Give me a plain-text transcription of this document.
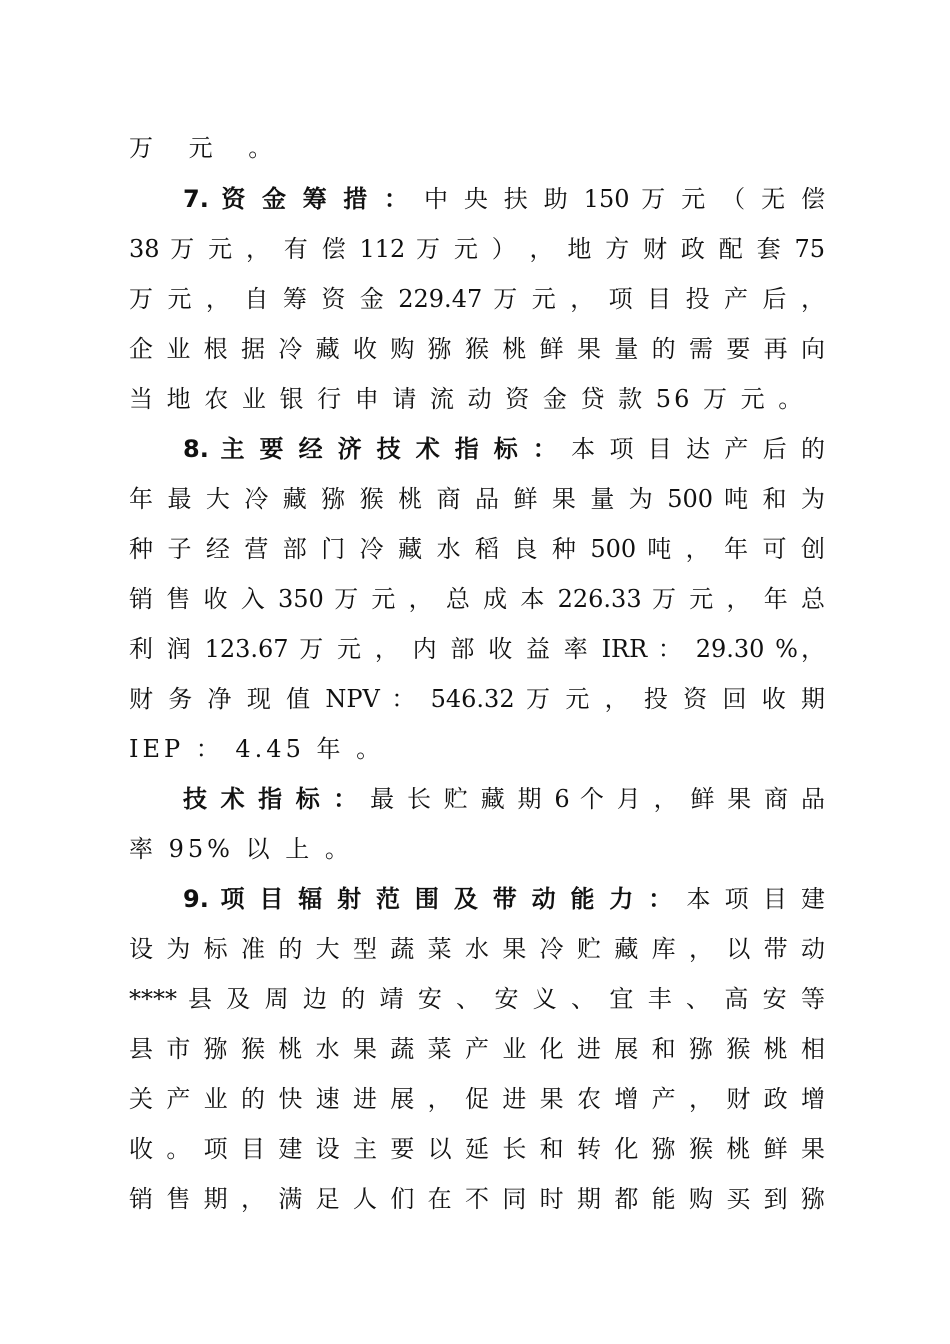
万 元 。
7. 资 金 筹 措 ： 中 央 扶 助 150 万 元 （ 无 偿
38 万 元 ， 有 偿 112 万 元 ） ， 地 方 财 政 配 套 75
万 元 ， 自 筹 资 金 229.47 万 元 ， 项 目 投 产 后 ，
企 业 根 据 冷 藏 收 购 猕 猴 桃 鲜 果 量 的 需 要 再 向
当 地 农 业 银 行 申 请 流 动 资 金 贷 款 56 万 元 。
8. 主 要 经 济 技 术 指 标 ： 本 项 目 达 产 后 的
年 最 大 冷 藏 猕 猴 桃 商 品 鲜 果 量 为 500 吨 和 为
种 子 经 营 部 门 冷 藏 水 稻 良 种 500 吨 ， 年 可 创
销 售 收 入 350 万 元 ， 总 成 本 226.33 万 元 ， 年 总
利 润 123.67 万 元 ， 内 部 收 益 率 IRR ： 29.30 %，
财 务 净 现 值 NPV ： 546.32 万 元 ， 投 资 回 收 期
IEP ： 4.45 年 。
技 术 指 标 ： 最 长 贮 藏 期 6 个 月 ， 鲜 果 商 品
率 95% 以 上 。
9. 项 目 辐 射 范 围 及 带 动 能 力 ： 本 项 目 建
设 为 标 准 的 大 型 蔬 菜 水 果 冷 贮 藏 库 ， 以 带 动
**** 县 及 周 边 的 靖 安 、 安 义 、 宜 丰 、 高 安 等
县 市 猕 猴 桃 水 果 蔬 菜 产 业 化 进 展 和 猕 猴 桃 相
关 产 业 的 快 速 进 展 ， 促 进 果 农 增 产 ， 财 政 增
收 。 项 目 建 设 主 要 以 延 长 和 转 化 猕 猴 桃 鲜 果
销 售 期 ， 满 足 人 们 在 不 同 时 期 都 能 购 买 到 猕
